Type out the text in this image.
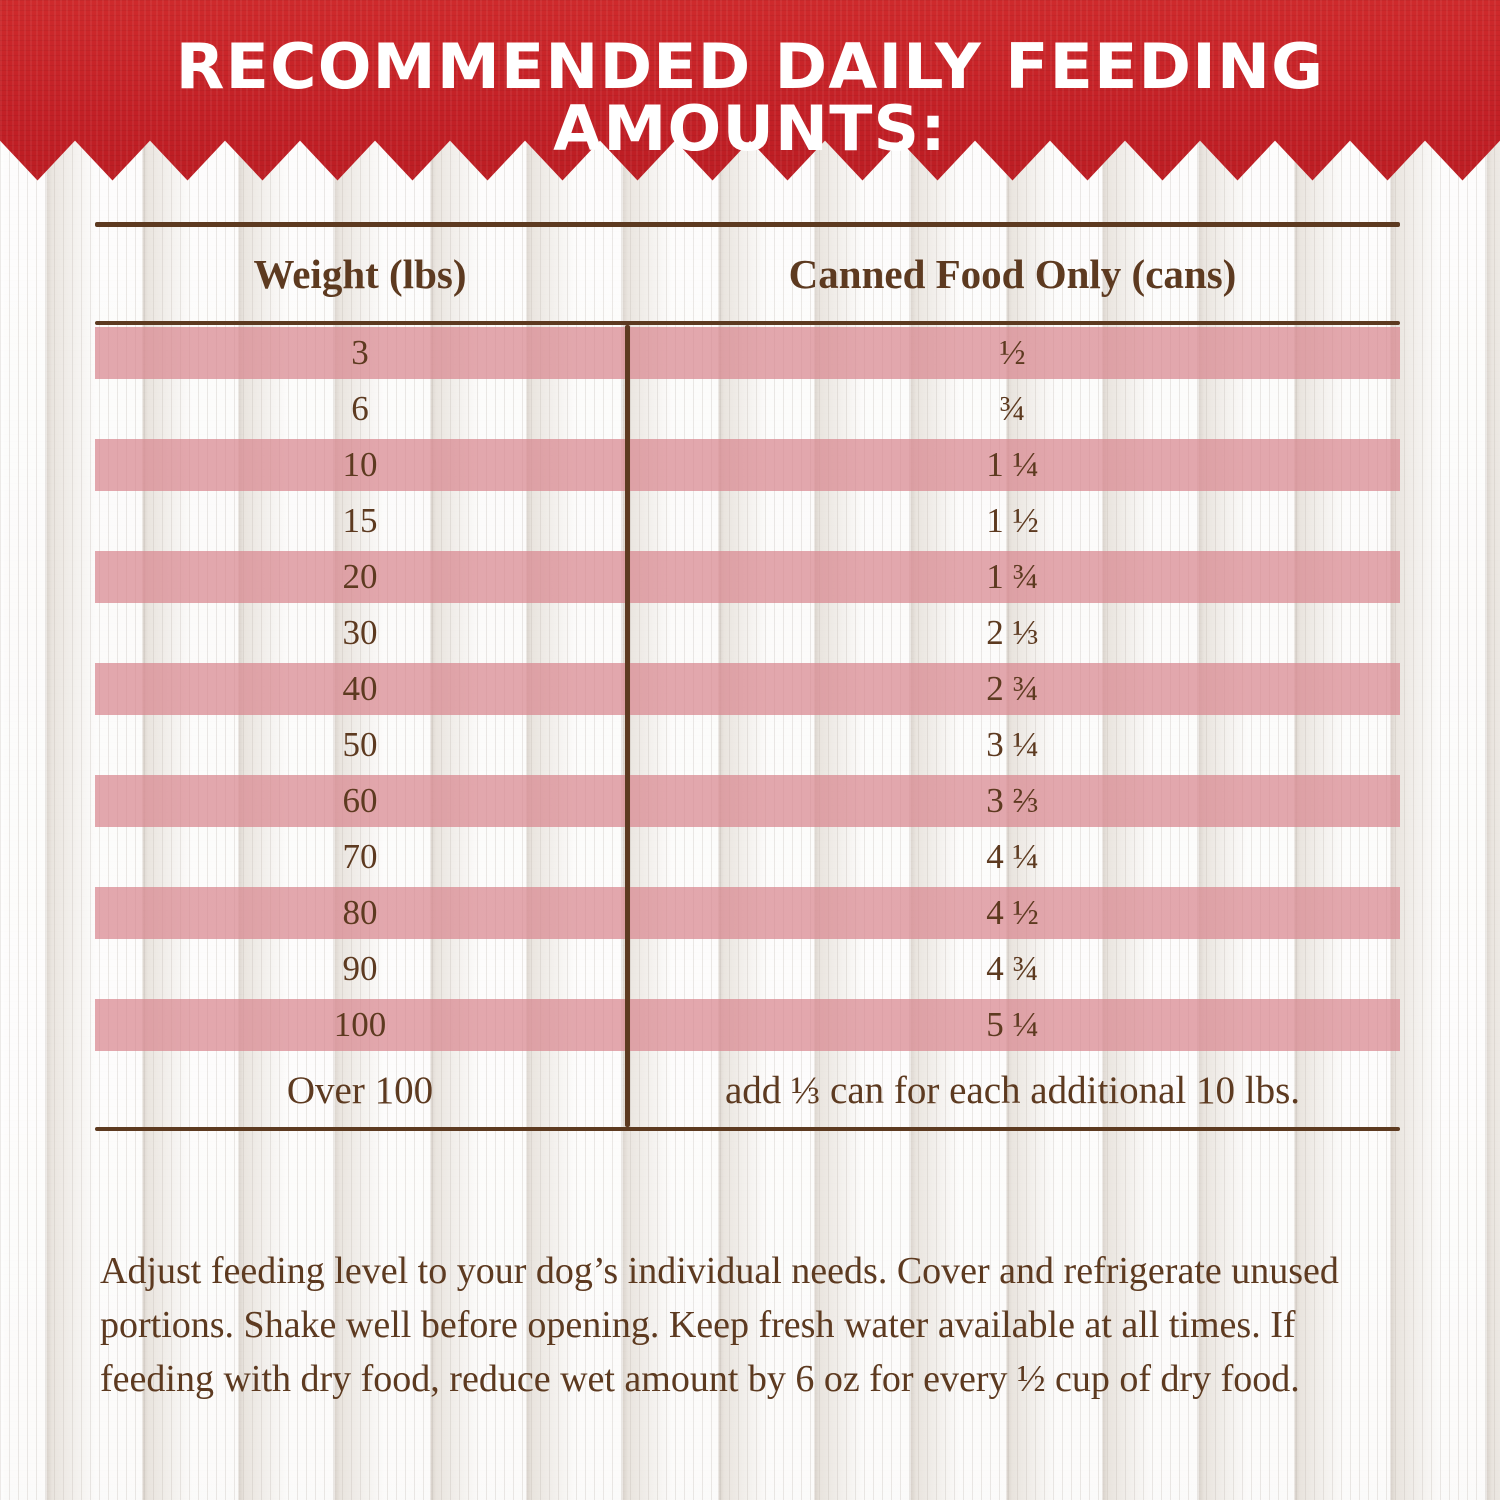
RECOMMENDED DAILY FEEDING AMOUNTS:
Weight (lbs)	Canned Food Only (cans)
3	½
6	¾
10	1 ¼
15	1 ½
20	1 ¾
30	2 ⅓
40	2 ¾
50	3 ¼
60	3 ⅔
70	4 ¼
80	4 ½
90	4 ¾
100	5 ¼
Over 100	add ⅓ can for each additional 10 lbs.
Adjust feeding level to your dog’s individual needs. Cover and refrigerate unused portions. Shake well before opening. Keep fresh water available at all times. If feeding with dry food, reduce wet amount by 6 oz for every ½ cup of dry food.
